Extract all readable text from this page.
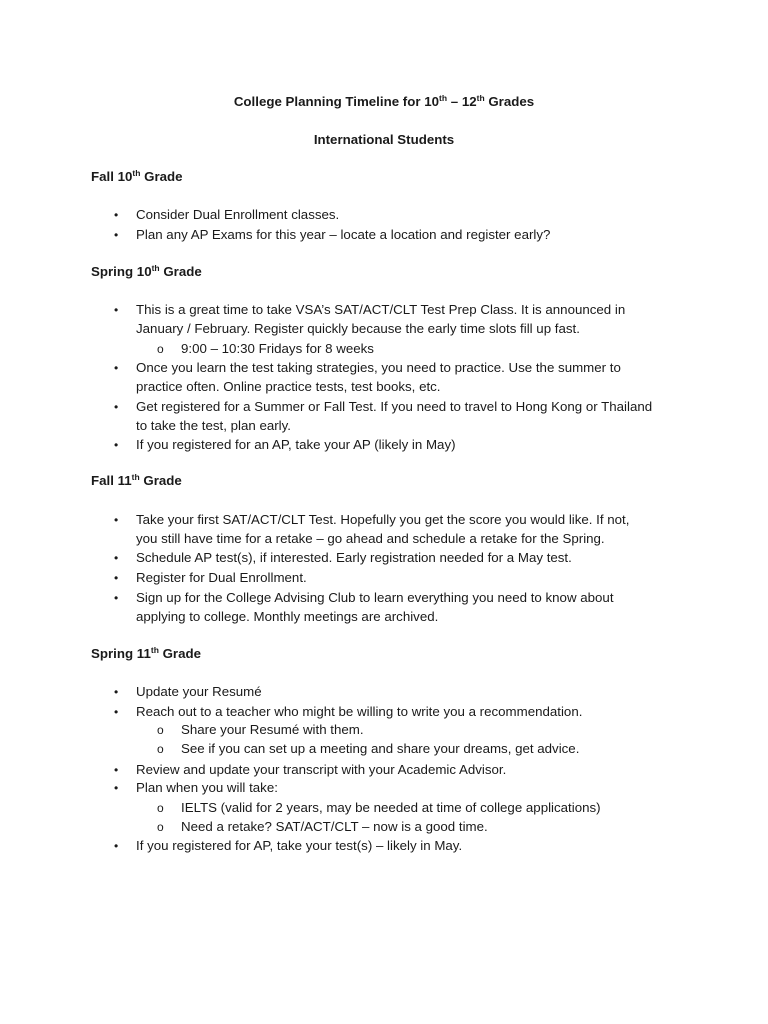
College Planning Timeline for 10th – 12th Grades
International Students
Fall 10th Grade
• Consider Dual Enrollment classes.
• Plan any AP Exams for this year – locate a location and register early?
Spring 10th Grade
• This is a great time to take VSA’s SAT/ACT/CLT Test Prep Class. It is announced in
January / February. Register quickly because the early time slots fill up fast.
o 9:00 – 10:30 Fridays for 8 weeks
• Once you learn the test taking strategies, you need to practice. Use the summer to
practice often. Online practice tests, test books, etc.
• Get registered for a Summer or Fall Test. If you need to travel to Hong Kong or Thailand
to take the test, plan early.
• If you registered for an AP, take your AP (likely in May)
Fall 11th Grade
• Take your first SAT/ACT/CLT Test. Hopefully you get the score you would like. If not,
you still have time for a retake – go ahead and schedule a retake for the Spring.
• Schedule AP test(s), if interested. Early registration needed for a May test.
• Register for Dual Enrollment.
• Sign up for the College Advising Club to learn everything you need to know about
applying to college. Monthly meetings are archived.
Spring 11th Grade
• Update your Resumé
• Reach out to a teacher who might be willing to write you a recommendation.
o Share your Resumé with them.
o See if you can set up a meeting and share your dreams, get advice.
• Review and update your transcript with your Academic Advisor.
• Plan when you will take:
o IELTS (valid for 2 years, may be needed at time of college applications)
o Need a retake? SAT/ACT/CLT – now is a good time.
• If you registered for AP, take your test(s) – likely in May.
